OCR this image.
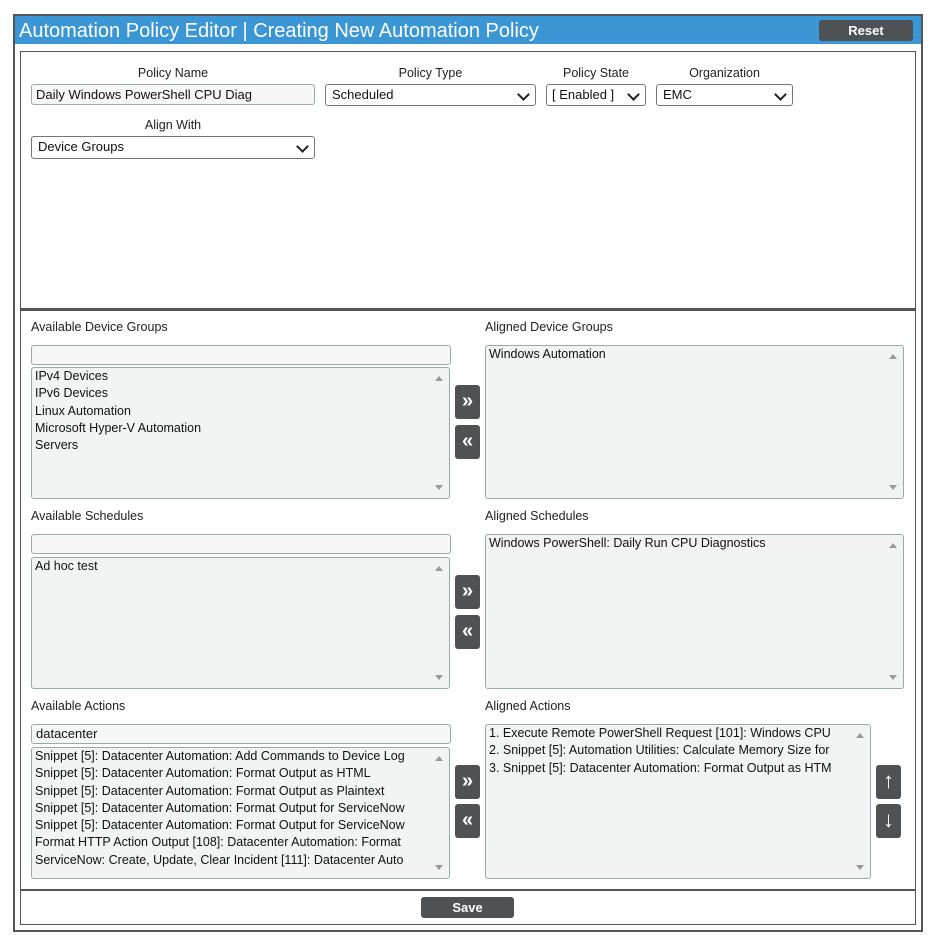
Automation Policy Editor | Creating New Automation Policy	Reset
Policy Name
Daily Windows PowerShell CPU Diag
Policy Type
Scheduled
Policy State
[ Enabled ]
Organization
EMC
Align With
Device Groups
Available Device Groups
IPv4 Devices
IPv6 Devices
Linux Automation
Microsoft Hyper-V Automation
Servers
»
«
Aligned Device Groups
Windows Automation
Available Schedules
Ad hoc test
»
«
Aligned Schedules
Windows PowerShell: Daily Run CPU Diagnostics
Available Actions
datacenter
Snippet [5]: Datacenter Automation: Add Commands to Device Log
Snippet [5]: Datacenter Automation: Format Output as HTML
Snippet [5]: Datacenter Automation: Format Output as Plaintext
Snippet [5]: Datacenter Automation: Format Output for ServiceNow
Snippet [5]: Datacenter Automation: Format Output for ServiceNow
Format HTTP Action Output [108]: Datacenter Automation: Format
ServiceNow: Create, Update, Clear Incident [111]: Datacenter Auto
»
«
Aligned Actions
1. Execute Remote PowerShell Request [101]: Windows CPU
2. Snippet [5]: Automation Utilities: Calculate Memory Size for
3. Snippet [5]: Datacenter Automation: Format Output as HTM
↑
↓
Save
